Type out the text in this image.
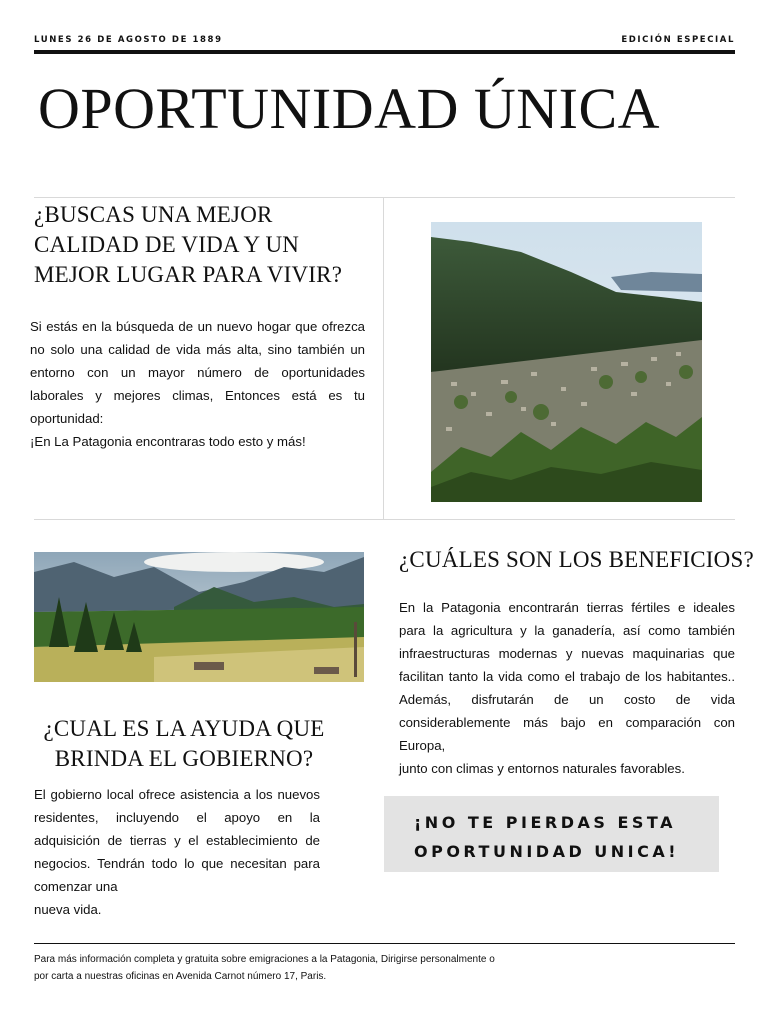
LUNES 26 DE AGOSTO DE 1889	EDICIÓN ESPECIAL
OPORTUNIDAD ÚNICA
¿BUSCAS UNA MEJOR
CALIDAD DE VIDA Y UN
MEJOR LUGAR PARA VIVIR?

Si estás en la búsqueda de un nuevo hogar que ofrezca no solo una calidad de vida más alta, sino también un entorno con un mayor número de oportunidades laborales y mejores climas, Entonces está es tu oportunidad:
¡En La Patagonia encontraras todo esto y más!

¿CUÁLES SON LOS BENEFICIOS?

En la Patagonia encontrarán tierras fértiles e ideales para la agricultura y la ganadería, así como también infraestructuras modernas y nuevas maquinarias que facilitan tanto la vida como el trabajo de los habitantes.. Además, disfrutarán de un costo de vida considerablemente más bajo en comparación con Europa,
junto con climas y entornos naturales favorables.

¿CUAL ES LA AYUDA QUE
BRINDA EL GOBIERNO?

El gobierno local ofrece asistencia a los nuevos residentes, incluyendo el apoyo en la adquisición de tierras y el establecimiento de negocios. Tendrán todo lo que necesitan para comenzar una
nueva vida.

¡NO TE PIERDAS ESTA
OPORTUNIDAD UNICA!
Para más información completa y gratuita sobre emigraciones a la Patagonia, Dirigirse personalmente o
por carta a nuestras oficinas en Avenida Carnot número 17, Paris.
